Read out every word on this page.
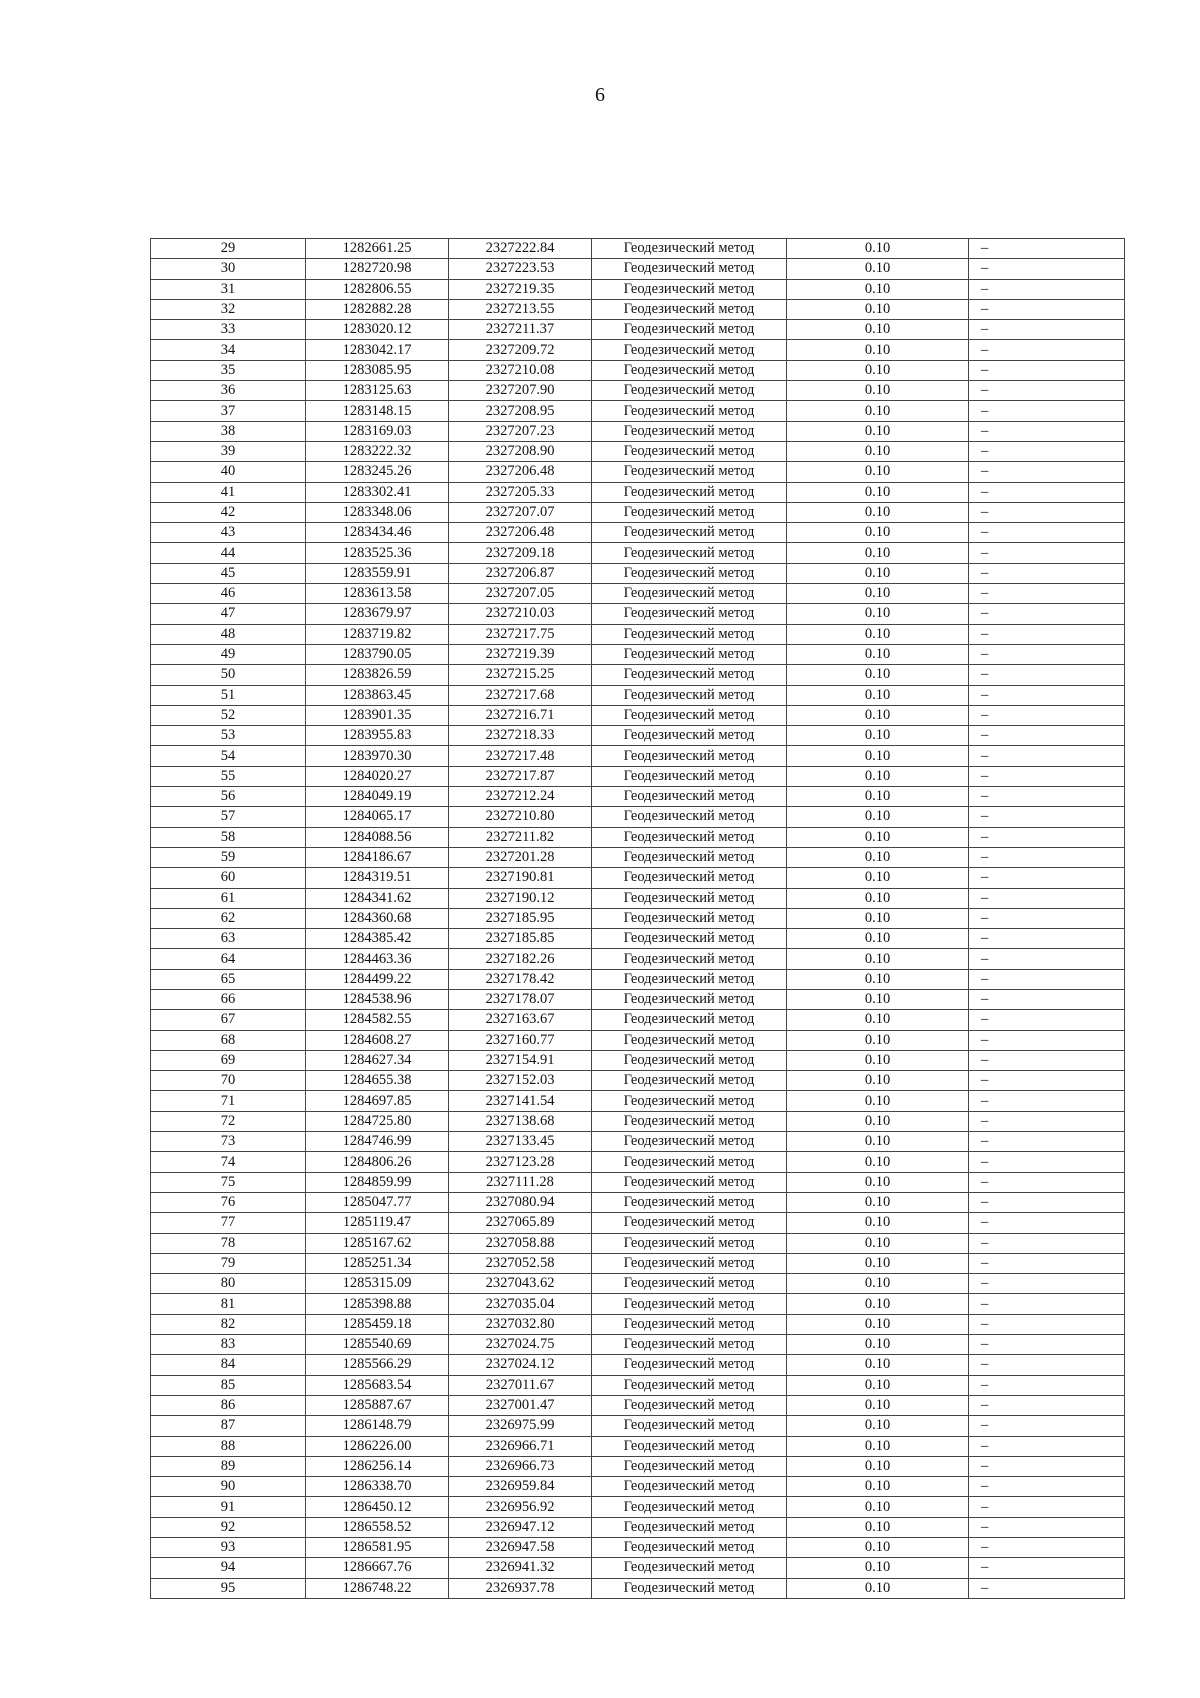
6
29	1282661.25	2327222.84	Геодезический метод	0.10	–
30	1282720.98	2327223.53	Геодезический метод	0.10	–
31	1282806.55	2327219.35	Геодезический метод	0.10	–
32	1282882.28	2327213.55	Геодезический метод	0.10	–
33	1283020.12	2327211.37	Геодезический метод	0.10	–
34	1283042.17	2327209.72	Геодезический метод	0.10	–
35	1283085.95	2327210.08	Геодезический метод	0.10	–
36	1283125.63	2327207.90	Геодезический метод	0.10	–
37	1283148.15	2327208.95	Геодезический метод	0.10	–
38	1283169.03	2327207.23	Геодезический метод	0.10	–
39	1283222.32	2327208.90	Геодезический метод	0.10	–
40	1283245.26	2327206.48	Геодезический метод	0.10	–
41	1283302.41	2327205.33	Геодезический метод	0.10	–
42	1283348.06	2327207.07	Геодезический метод	0.10	–
43	1283434.46	2327206.48	Геодезический метод	0.10	–
44	1283525.36	2327209.18	Геодезический метод	0.10	–
45	1283559.91	2327206.87	Геодезический метод	0.10	–
46	1283613.58	2327207.05	Геодезический метод	0.10	–
47	1283679.97	2327210.03	Геодезический метод	0.10	–
48	1283719.82	2327217.75	Геодезический метод	0.10	–
49	1283790.05	2327219.39	Геодезический метод	0.10	–
50	1283826.59	2327215.25	Геодезический метод	0.10	–
51	1283863.45	2327217.68	Геодезический метод	0.10	–
52	1283901.35	2327216.71	Геодезический метод	0.10	–
53	1283955.83	2327218.33	Геодезический метод	0.10	–
54	1283970.30	2327217.48	Геодезический метод	0.10	–
55	1284020.27	2327217.87	Геодезический метод	0.10	–
56	1284049.19	2327212.24	Геодезический метод	0.10	–
57	1284065.17	2327210.80	Геодезический метод	0.10	–
58	1284088.56	2327211.82	Геодезический метод	0.10	–
59	1284186.67	2327201.28	Геодезический метод	0.10	–
60	1284319.51	2327190.81	Геодезический метод	0.10	–
61	1284341.62	2327190.12	Геодезический метод	0.10	–
62	1284360.68	2327185.95	Геодезический метод	0.10	–
63	1284385.42	2327185.85	Геодезический метод	0.10	–
64	1284463.36	2327182.26	Геодезический метод	0.10	–
65	1284499.22	2327178.42	Геодезический метод	0.10	–
66	1284538.96	2327178.07	Геодезический метод	0.10	–
67	1284582.55	2327163.67	Геодезический метод	0.10	–
68	1284608.27	2327160.77	Геодезический метод	0.10	–
69	1284627.34	2327154.91	Геодезический метод	0.10	–
70	1284655.38	2327152.03	Геодезический метод	0.10	–
71	1284697.85	2327141.54	Геодезический метод	0.10	–
72	1284725.80	2327138.68	Геодезический метод	0.10	–
73	1284746.99	2327133.45	Геодезический метод	0.10	–
74	1284806.26	2327123.28	Геодезический метод	0.10	–
75	1284859.99	2327111.28	Геодезический метод	0.10	–
76	1285047.77	2327080.94	Геодезический метод	0.10	–
77	1285119.47	2327065.89	Геодезический метод	0.10	–
78	1285167.62	2327058.88	Геодезический метод	0.10	–
79	1285251.34	2327052.58	Геодезический метод	0.10	–
80	1285315.09	2327043.62	Геодезический метод	0.10	–
81	1285398.88	2327035.04	Геодезический метод	0.10	–
82	1285459.18	2327032.80	Геодезический метод	0.10	–
83	1285540.69	2327024.75	Геодезический метод	0.10	–
84	1285566.29	2327024.12	Геодезический метод	0.10	–
85	1285683.54	2327011.67	Геодезический метод	0.10	–
86	1285887.67	2327001.47	Геодезический метод	0.10	–
87	1286148.79	2326975.99	Геодезический метод	0.10	–
88	1286226.00	2326966.71	Геодезический метод	0.10	–
89	1286256.14	2326966.73	Геодезический метод	0.10	–
90	1286338.70	2326959.84	Геодезический метод	0.10	–
91	1286450.12	2326956.92	Геодезический метод	0.10	–
92	1286558.52	2326947.12	Геодезический метод	0.10	–
93	1286581.95	2326947.58	Геодезический метод	0.10	–
94	1286667.76	2326941.32	Геодезический метод	0.10	–
95	1286748.22	2326937.78	Геодезический метод	0.10	–
